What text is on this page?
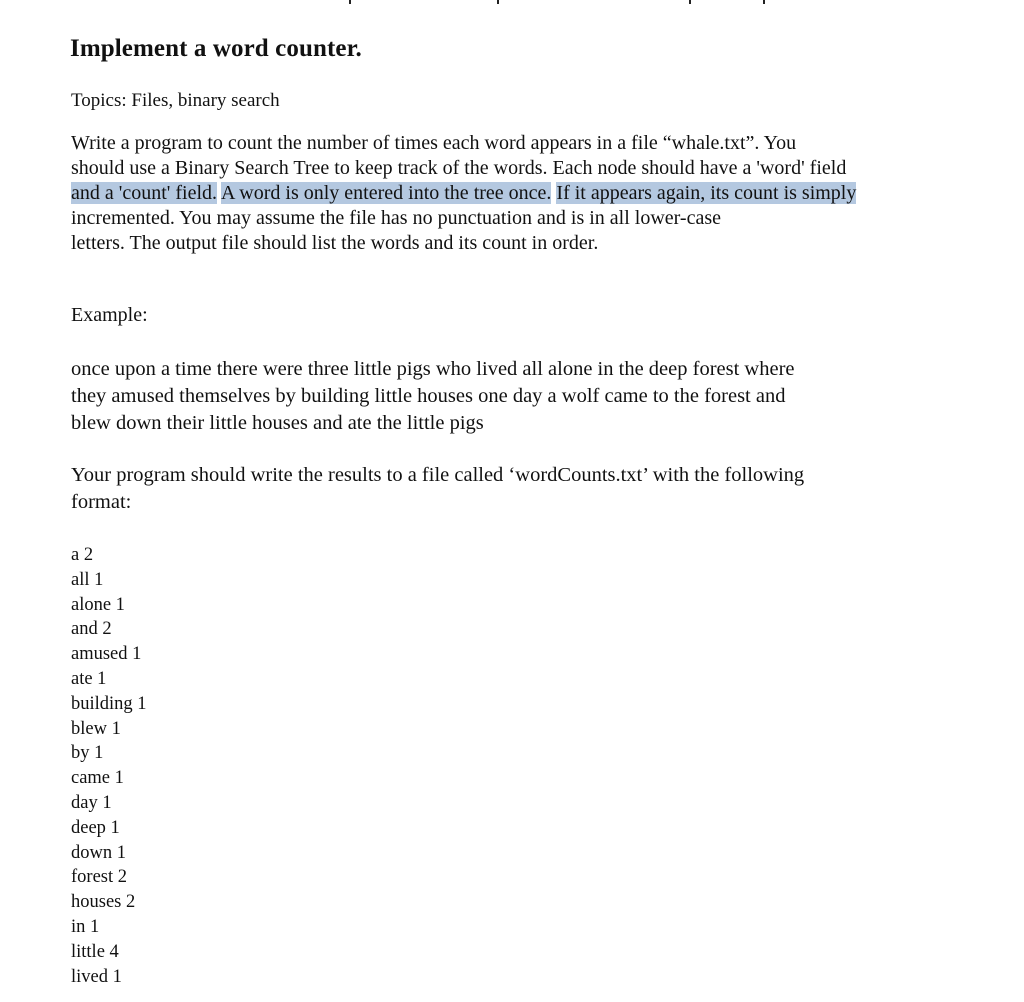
Implement a word counter.

Topics: Files, binary search

Write a program to count the number of times each word appears in a file “whale.txt”. You
should use a Binary Search Tree to keep track of the words. Each node should have a 'word' field
and a 'count' field. A word is only entered into the tree once. If it appears again, its count is simply
incremented. You may assume the file has no punctuation and is in all lower-case
letters. The output file should list the words and its count in order.

Example:

once upon a time there were three little pigs who lived all alone in the deep forest where
they amused themselves by building little houses one day a wolf came to the forest and
blew down their little houses and ate the little pigs

Your program should write the results to a file called ‘wordCounts.txt’ with the following
format:

a 2
all 1
alone 1
and 2
amused 1
ate 1
building 1
blew 1
by 1
came 1
day 1
deep 1
down 1
forest 2
houses 2
in 1
little 4
lived 1
